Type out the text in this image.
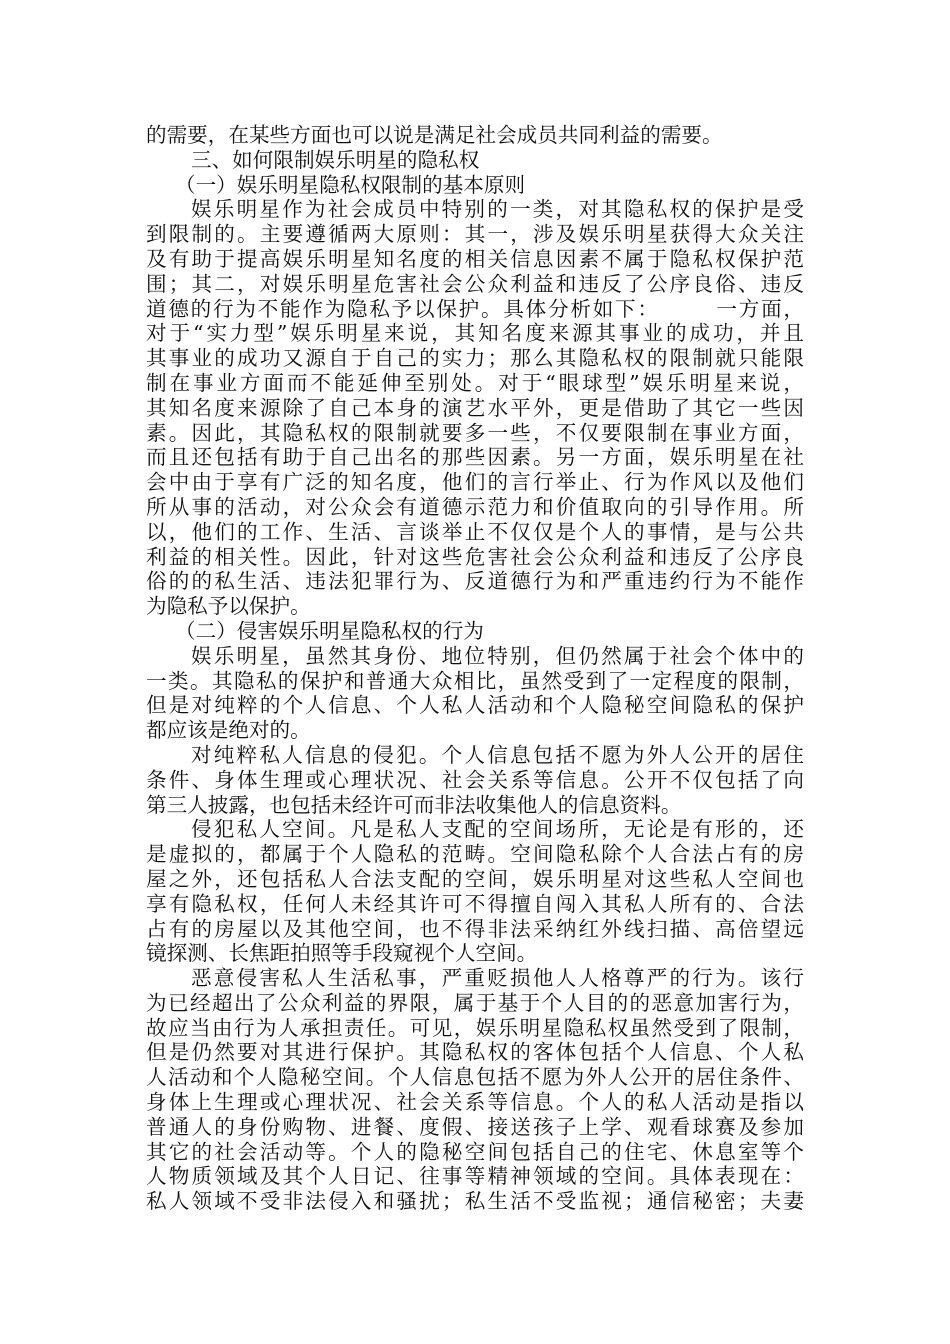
的需要，在某些方面也可以说是满足社会成员共同利益的需要。
三、如何限制娱乐明星的隐私权
（一）娱乐明星隐私权限制的基本原则
娱乐明星作为社会成员中特别的一类，对其隐私权的保护是受
到限制的。主要遵循两大原则：其一，涉及娱乐明星获得大众关注
及有助于提高娱乐明星知名度的相关信息因素不属于隐私权保护范
围；其二，对娱乐明星危害社会公众利益和违反了公序良俗、违反
道德的行为不能作为隐私予以保护。具体分析如下：　　　一方面，
对于“实力型”娱乐明星来说，其知名度来源其事业的成功，并且
其事业的成功又源自于自己的实力；那么其隐私权的限制就只能限
制在事业方面而不能延伸至别处。对于“眼球型”娱乐明星来说，
其知名度来源除了自己本身的演艺水平外，更是借助了其它一些因
素。因此，其隐私权的限制就要多一些，不仅要限制在事业方面，
而且还包括有助于自己出名的那些因素。另一方面，娱乐明星在社
会中由于享有广泛的知名度，他们的言行举止、行为作风以及他们
所从事的活动，对公众会有道德示范力和价值取向的引导作用。所
以，他们的工作、生活、言谈举止不仅仅是个人的事情，是与公共
利益的相关性。因此，针对这些危害社会公众利益和违反了公序良
俗的的私生活、违法犯罪行为、反道德行为和严重违约行为不能作
为隐私予以保护。
（二）侵害娱乐明星隐私权的行为
娱乐明星，虽然其身份、地位特别，但仍然属于社会个体中的
一类。其隐私的保护和普通大众相比，虽然受到了一定程度的限制，
但是对纯粹的个人信息、个人私人活动和个人隐秘空间隐私的保护
都应该是绝对的。
对纯粹私人信息的侵犯。个人信息包括不愿为外人公开的居住
条件、身体生理或心理状况、社会关系等信息。公开不仅包括了向
第三人披露，也包括未经许可而非法收集他人的信息资料。
侵犯私人空间。凡是私人支配的空间场所，无论是有形的，还
是虚拟的，都属于个人隐私的范畴。空间隐私除个人合法占有的房
屋之外，还包括私人合法支配的空间，娱乐明星对这些私人空间也
享有隐私权，任何人未经其许可不得擅自闯入其私人所有的、合法
占有的房屋以及其他空间，也不得非法采纳红外线扫描、高倍望远
镜探测、长焦距拍照等手段窥视个人空间。
恶意侵害私人生活私事，严重贬损他人人格尊严的行为。该行
为已经超出了公众利益的界限，属于基于个人目的的恶意加害行为，
故应当由行为人承担责任。可见，娱乐明星隐私权虽然受到了限制，
但是仍然要对其进行保护。其隐私权的客体包括个人信息、个人私
人活动和个人隐秘空间。个人信息包括不愿为外人公开的居住条件、
身体上生理或心理状况、社会关系等信息。个人的私人活动是指以
普通人的身份购物、进餐、度假、接送孩子上学、观看球赛及参加
其它的社会活动等。个人的隐秘空间包括自己的住宅、休息室等个
人物质领域及其个人日记、往事等精神领域的空间。具体表现在：
私人领域不受非法侵入和骚扰；私生活不受监视；通信秘密；夫妻
